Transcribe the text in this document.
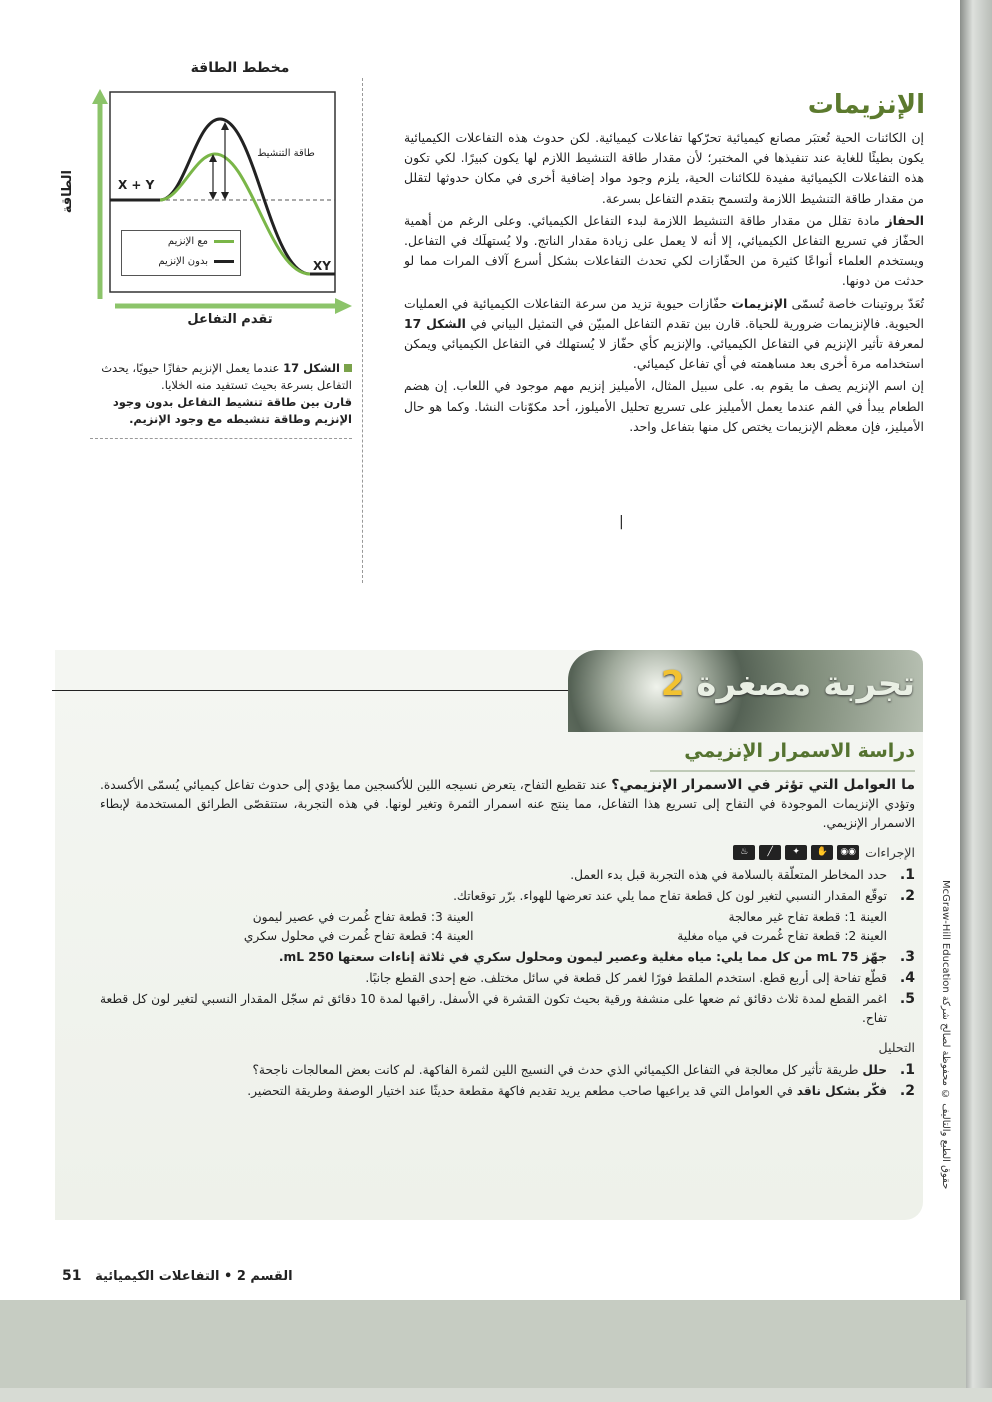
مخطط الطاقة
الطاقة
تقدم التفاعل
X + Y
XY
طاقة التنشيط
مع الإنزيم
بدون الإنزيم
الشكل 17 عندما يعمل الإنزيم حفازًا حيويًا، يحدث التفاعل بسرعة بحيث تستفيد منه الخلايا.
قارن بين طاقة تنشيط التفاعل بدون وجود الإنزيم وطاقة تنشيطه مع وجود الإنزيم.
الإنزيمات

إن الكائنات الحية تُعتبَر مصانع كيميائية تحرّكها تفاعلات كيميائية. لكن حدوث هذه التفاعلات الكيميائية يكون بطيئًا للغاية عند تنفيذها في المختبر؛ لأن مقدار طاقة التنشيط اللازم لها يكون كبيرًا. لكي تكون هذه التفاعلات الكيميائية مفيدة للكائنات الحية، يلزم وجود مواد إضافية أخرى في مكان حدوثها لتقلل من مقدار طاقة التنشيط اللازمة ولتسمح بتقدم التفاعل بسرعة.

الحفاز مادة تقلل من مقدار طاقة التنشيط اللازمة لبدء التفاعل الكيميائي. وعلى الرغم من أهمية الحفّاز في تسريع التفاعل الكيميائي، إلا أنه لا يعمل على زيادة مقدار الناتج. ولا يُستهلَك في التفاعل. ويستخدم العلماء أنواعًا كثيرة من الحفّازات لكي تحدث التفاعلات بشكل أسرع آلاف المرات مما لو حدثت من دونها.

تُعَدّ بروتينات خاصة تُسمّى الإنزيمات حفّازات حيوية تزيد من سرعة التفاعلات الكيميائية في العمليات الحيوية. فالإنزيمات ضرورية للحياة. قارن بين تقدم التفاعل المبيّن في التمثيل البياني في الشكل 17 لمعرفة تأثير الإنزيم في التفاعل الكيميائي. والإنزيم كأي حفّاز لا يُستهلك في التفاعل الكيميائي ويمكن استخدامه مرة أخرى بعد مساهمته في أي تفاعل كيميائي.

إن اسم الإنزيم يصف ما يقوم به. على سبيل المثال، الأميليز إنزيم مهم موجود في اللعاب. إن هضم الطعام يبدأ في الفم عندما يعمل الأميليز على تسريع تحليل الأميلوز، أحد مكوّنات النشا. وكما هو حال الأميليز، فإن معظم الإنزيمات يختص كل منها بتفاعل واحد.

|
تجربة مصغرة 2
دراسة الاسمرار الإنزيمي
ما العوامل التي تؤثر في الاسمرار الإنزيمي؟ عند تقطيع التفاح، يتعرض نسيجه اللين للأكسجين مما يؤدي إلى حدوث تفاعل كيميائي يُسمّى الأكسدة. وتؤدي الإنزيمات الموجودة في التفاح إلى تسريع هذا التفاعل، مما ينتج عنه اسمرار الثمرة وتغير لونها. في هذه التجربة، ستتقصّى الطرائق المستخدمة لإبطاء الاسمرار الإنزيمي.
الإجراءات
◉◉
✋
✦
╱
♨
1.
حدد المخاطر المتعلّقة بالسلامة في هذه التجربة قبل بدء العمل.
2.
توقّع المقدار النسبي لتغير لون كل قطعة تفاح مما يلي عند تعرضها للهواء. برّر توقعاتك.
العينة 1: قطعة تفاح غير معالجة
العينة 3: قطعة تفاح غُمرت في عصير ليمون
العينة 2: قطعة تفاح غُمرت في مياه مغلية
العينة 4: قطعة تفاح غُمرت في محلول سكري
3.
جهّز 75 mL من كل مما يلي: مياه مغلية وعصير ليمون ومحلول سكري في ثلاثة إناءات سعتها 250 mL.
4.
قطّع تفاحة إلى أربع قطع. استخدم الملقط فورًا لغمر كل قطعة في سائل مختلف. ضع إحدى القطع جانبًا.
5.
اغمر القطع لمدة ثلاث دقائق ثم ضعها على منشفة ورقية بحيث تكون القشرة في الأسفل. راقبها لمدة 10 دقائق ثم سجّل المقدار النسبي لتغير لون كل قطعة تفاح.
التحليل
1.
حلل طريقة تأثير كل معالجة في التفاعل الكيميائي الذي حدث في النسيج اللين لثمرة الفاكهة. لم كانت بعض المعالجات ناجحة؟
2.
فكّر بشكل ناقد في العوامل التي قد يراعيها صاحب مطعم يريد تقديم فاكهة مقطعة حديثًا عند اختيار الوصفة وطريقة التحضير.
McGraw-Hill Education حقوق الطبع والتأليف © محفوظة لصالح شركة
القسم 2 • التفاعلات الكيميائية   51
